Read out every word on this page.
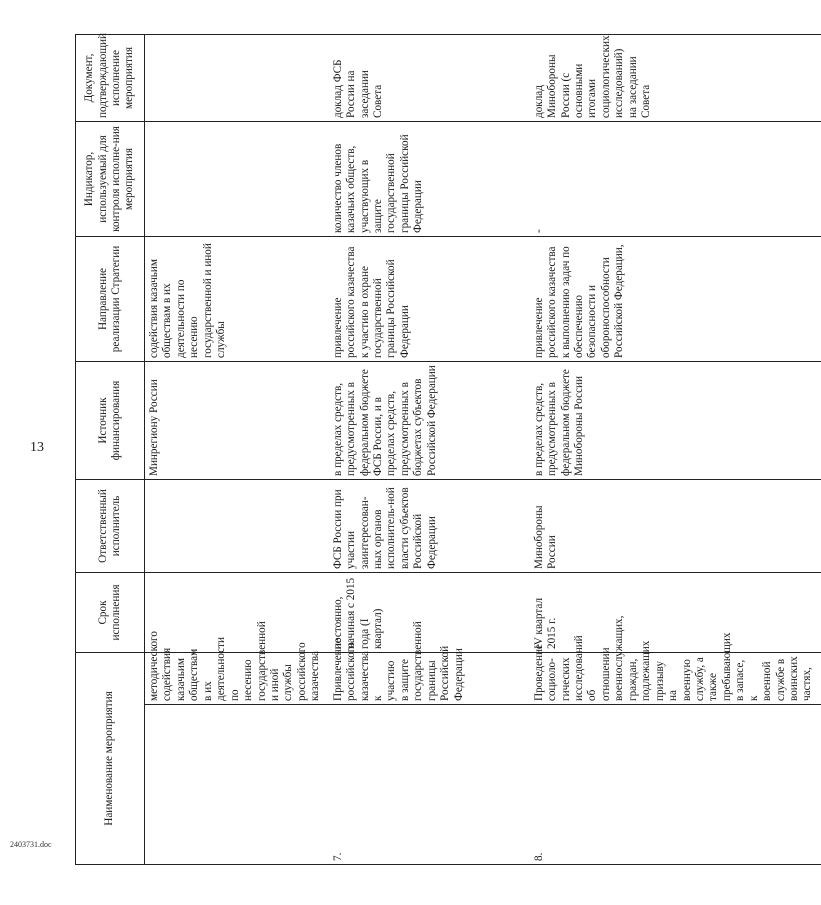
13
2403731.doc
Наименование мероприятия		Срок исполнения	Ответственный исполнитель	Источник финансирования	Направление реализации Стратегии	Индикатор, используемый для контроля исполне-ния мероприятия	Документ, подтверждающий исполнение мероприятия
	методического содействия казачьим обществам в их деятельности по несению государственной и иной службы российского казачества			Минрегиону России	содействия казачьим обществам в их деятельности по несению государственной и иной службы		
7.	Привлечение российского казачества к участию в защите государственной границы Российской Федерации	постоянно, начиная с 2015 года (I квартал)	ФСБ России при участии заинтересован-ных органов исполнитель-ной власти субъектов Российской Федерации	в пределах средств, предусмотренных в федеральном бюджете ФСБ России, и в пределах средств, предусмотренных в бюджетах субъектов Российской Федерации	привлечение российского казачества к участию в охране государственной границы Российской Федерации	количество членов казачьих обществ, участвующих в защите государственной границы Российской Федерации	доклад ФСБ России на заседании Совета
8.	Проведение социоло-гических исследований об отношении военнослужащих, граждан, подлежащих призыву на военную службу, а также пребывающих в запасе, к военной службе в воинских частях,	IV квартал 2015 г.	Минобороны России	в пределах средств, предусмотренных в федеральном бюджете Минобороны России	привлечение российского казачества к выполнению задач по обеспечению безопасности и обороноспособности Российской Федерации,	-	доклад Минобороны России (с основными итогами социологических исследований) на заседании Совета
